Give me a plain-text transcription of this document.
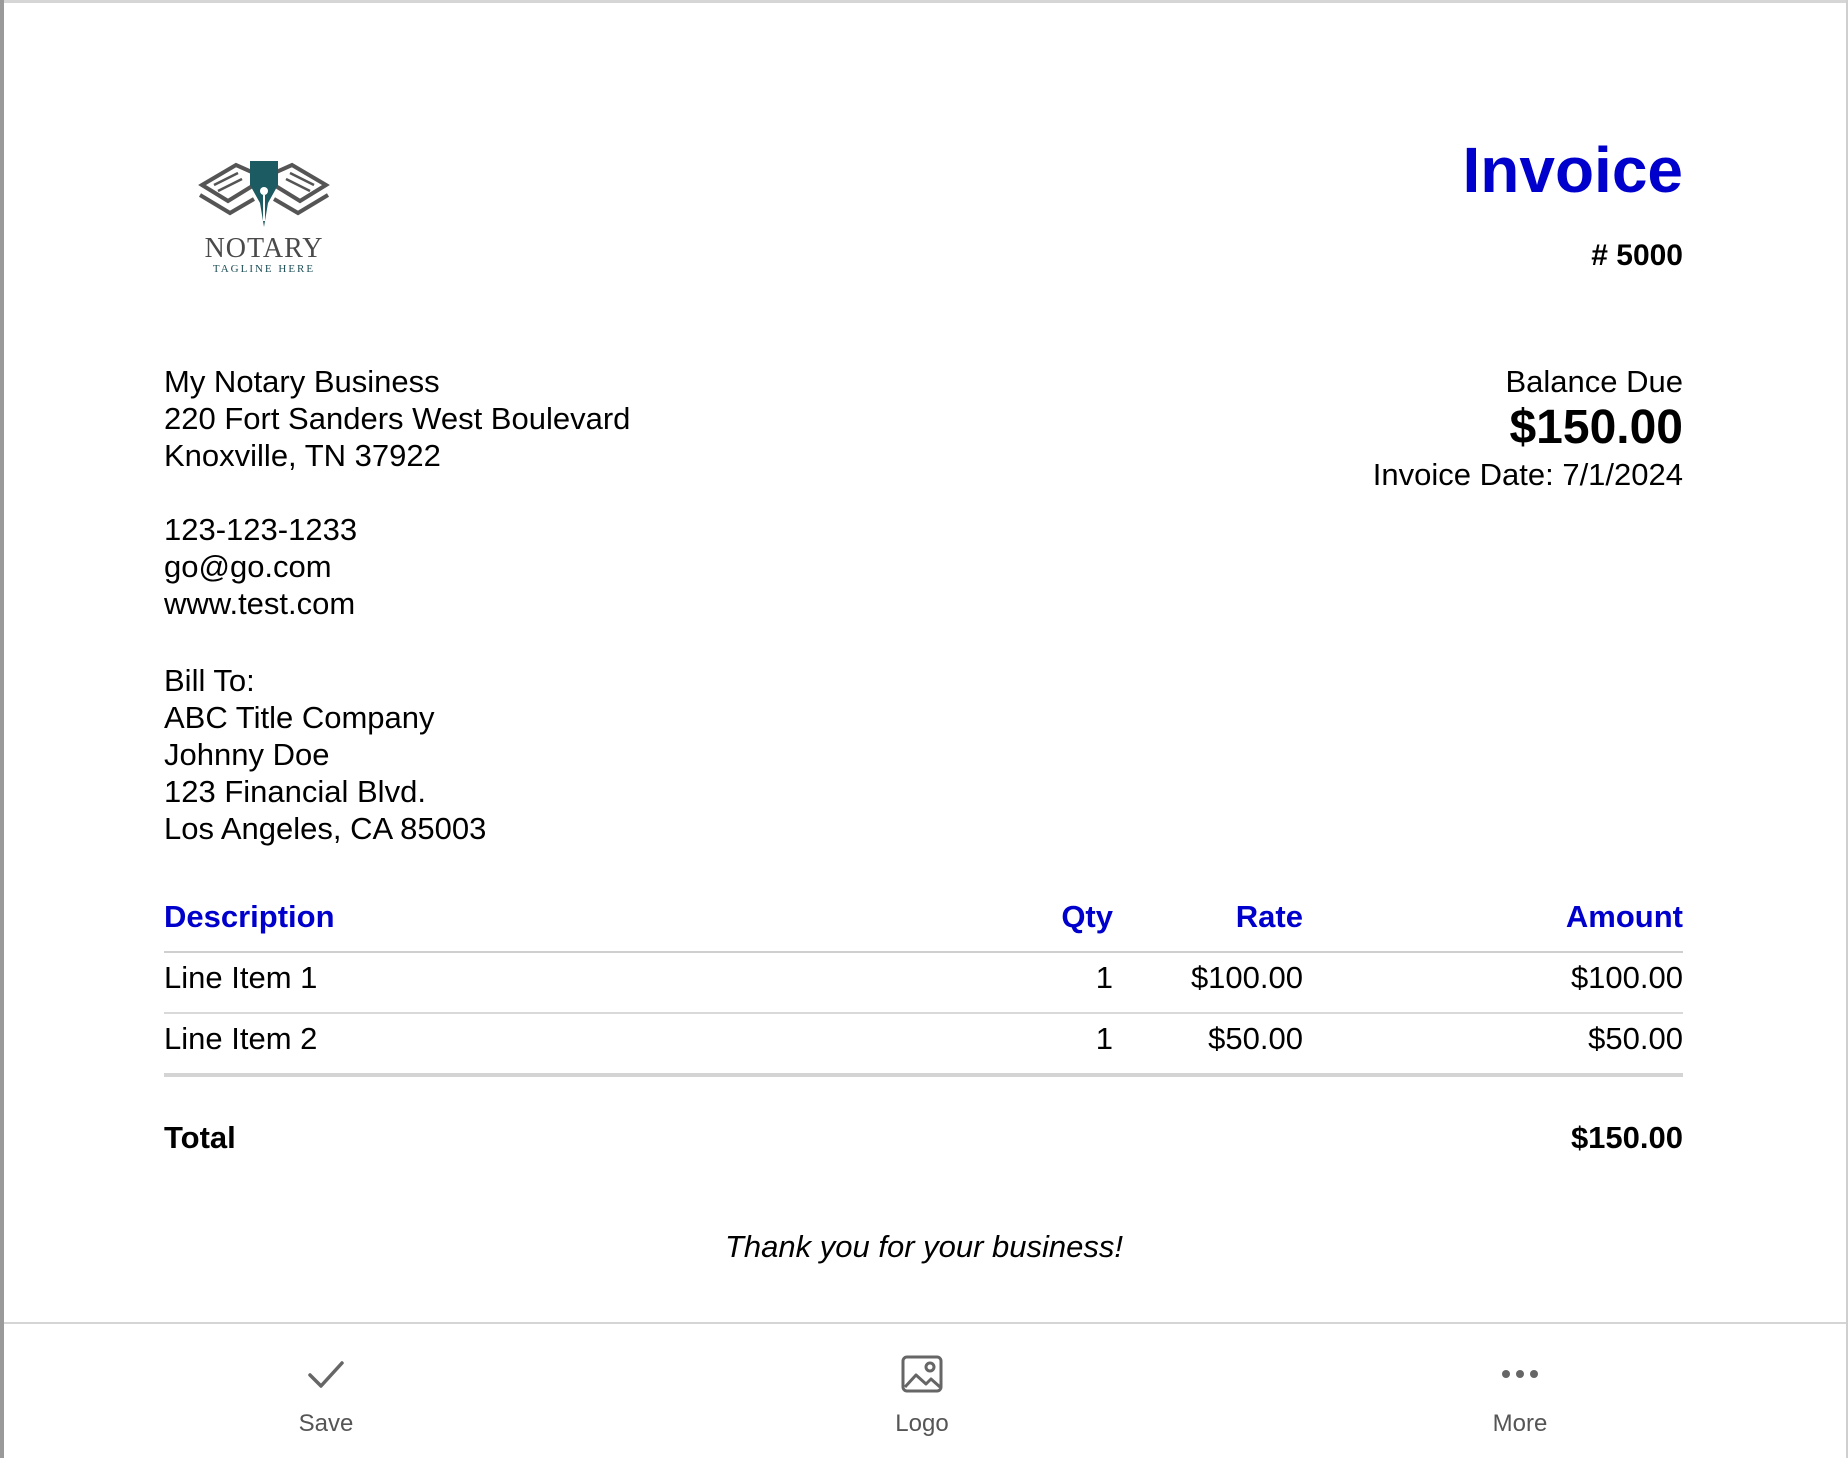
NOTARY
TAGLINE HERE
Invoice
# 5000
My Notary Business
220 Fort Sanders West Boulevard
Knoxville, TN 37922
123-123-1233
go@go.com
www.test.com
Bill To:
ABC Title Company
Johnny Doe
123 Financial Blvd.
Los Angeles, CA 85003
Balance Due
$150.00
Invoice Date: 7/1/2024
Description	Qty	Rate	Amount
Line Item 1	1	$100.00	$100.00
Line Item 2	1	$50.00	$50.00
Total	$150.00
Thank you for your business!
Save	Logo	More
